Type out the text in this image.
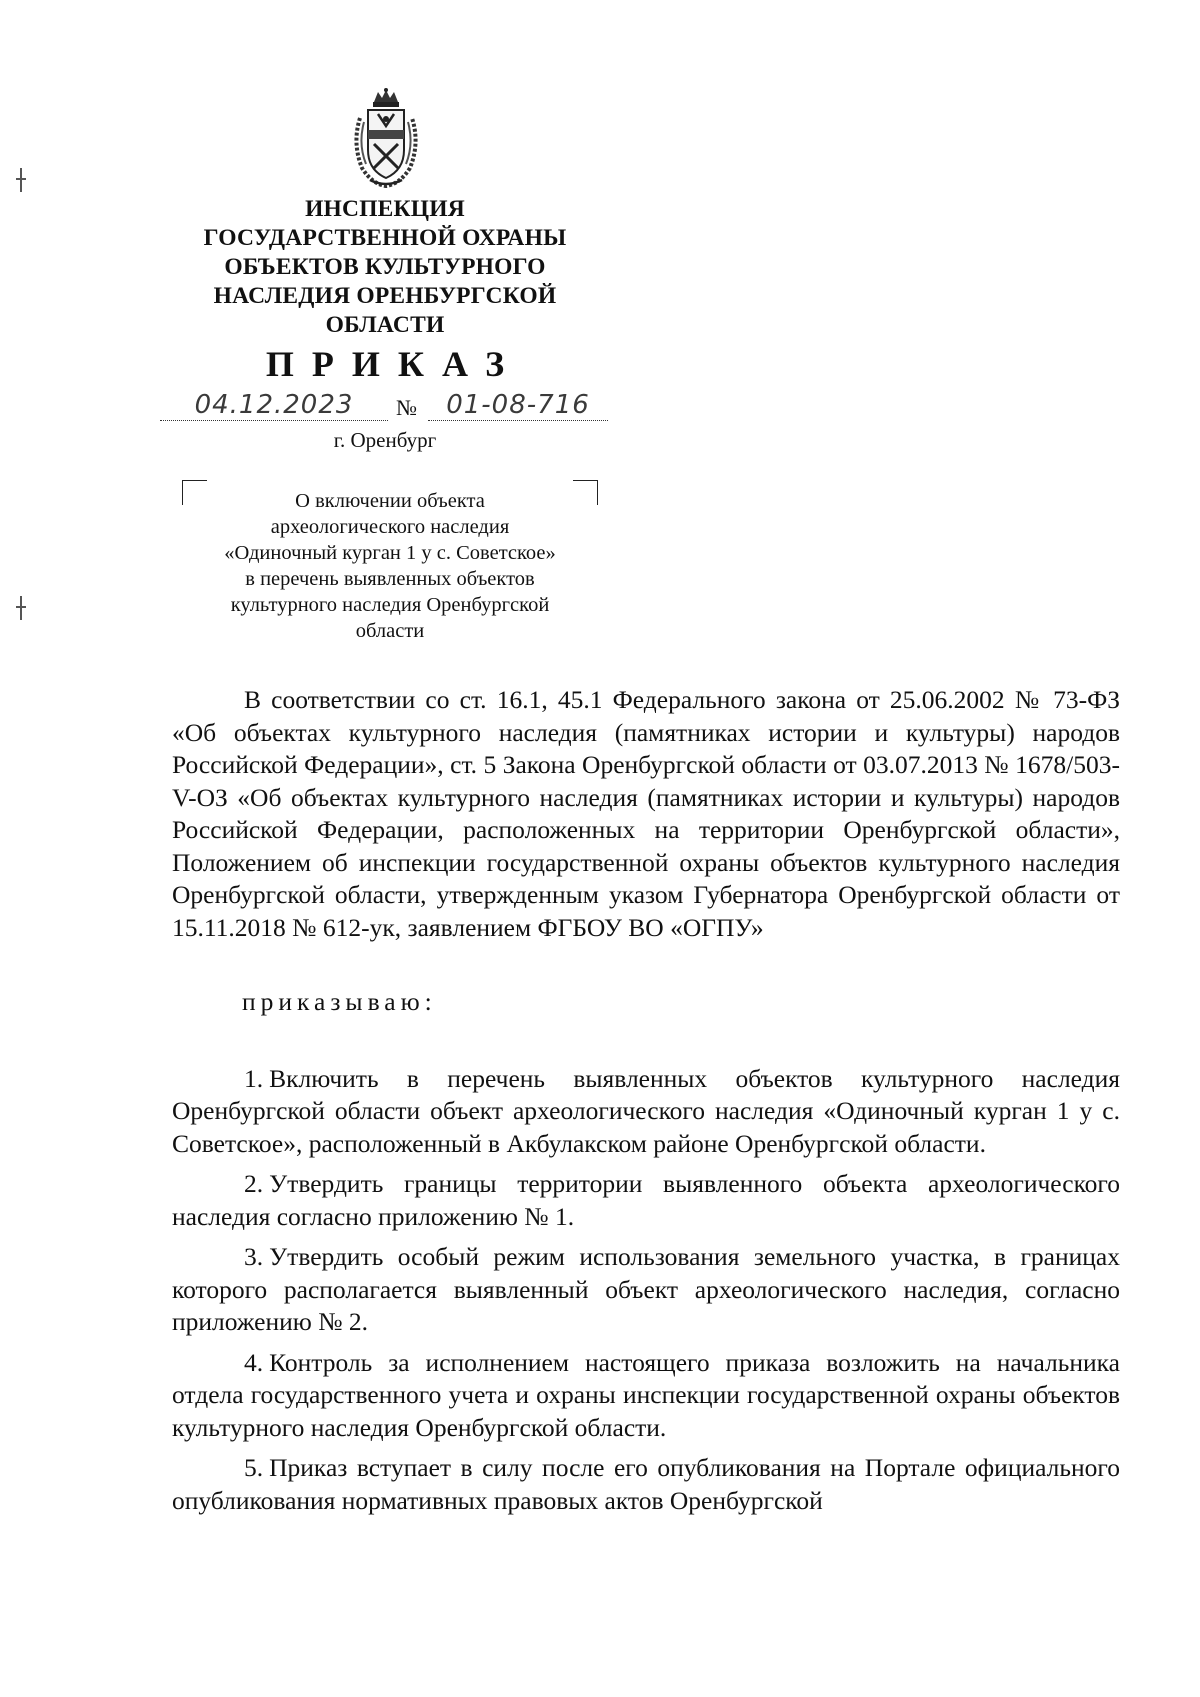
ИНСПЕКЦИЯ
ГОСУДАРСТВЕННОЙ ОХРАНЫ
ОБЪЕКТОВ КУЛЬТУРНОГО
НАСЛЕДИЯ ОРЕНБУРГСКОЙ
ОБЛАСТИ
ПРИКАЗ
04.12.2023	№	01-08-716
г. Оренбург
О включении объекта
археологического наследия
«Одиночный курган 1 у с. Советское»
в перечень выявленных объектов
культурного наследия Оренбургской
области

В соответствии со ст. 16.1, 45.1 Федерального закона от 25.06.2002 № 73-ФЗ «Об объектах культурного наследия (памятниках истории и культуры) народов Российской Федерации», ст. 5 Закона Оренбургской области от 03.07.2013 № 1678/503-V-ОЗ «Об объектах культурного наследия (памятниках истории и культуры) народов Российской Федерации, расположенных на территории Оренбургской области», Положением об инспекции государственной охраны объектов культурного наследия Оренбургской области, утвержденным указом Губернатора Оренбургской области от 15.11.2018 № 612-ук, заявлением ФГБОУ ВО «ОГПУ»

приказываю:

1. Включить в перечень выявленных объектов культурного наследия Оренбургской области объект археологического наследия «Одиночный курган 1 у с. Советское», расположенный в Акбулакском районе Оренбургской области.

2. Утвердить границы территории выявленного объекта археологического наследия согласно приложению № 1.

3. Утвердить особый режим использования земельного участка, в границах которого располагается выявленный объект археологического наследия, согласно приложению № 2.

4. Контроль за исполнением настоящего приказа возложить на начальника отдела государственного учета и охраны инспекции государственной охраны объектов культурного наследия Оренбургской области.

5. Приказ вступает в силу после его опубликования на Портале официального опубликования нормативных правовых актов Оренбургской
